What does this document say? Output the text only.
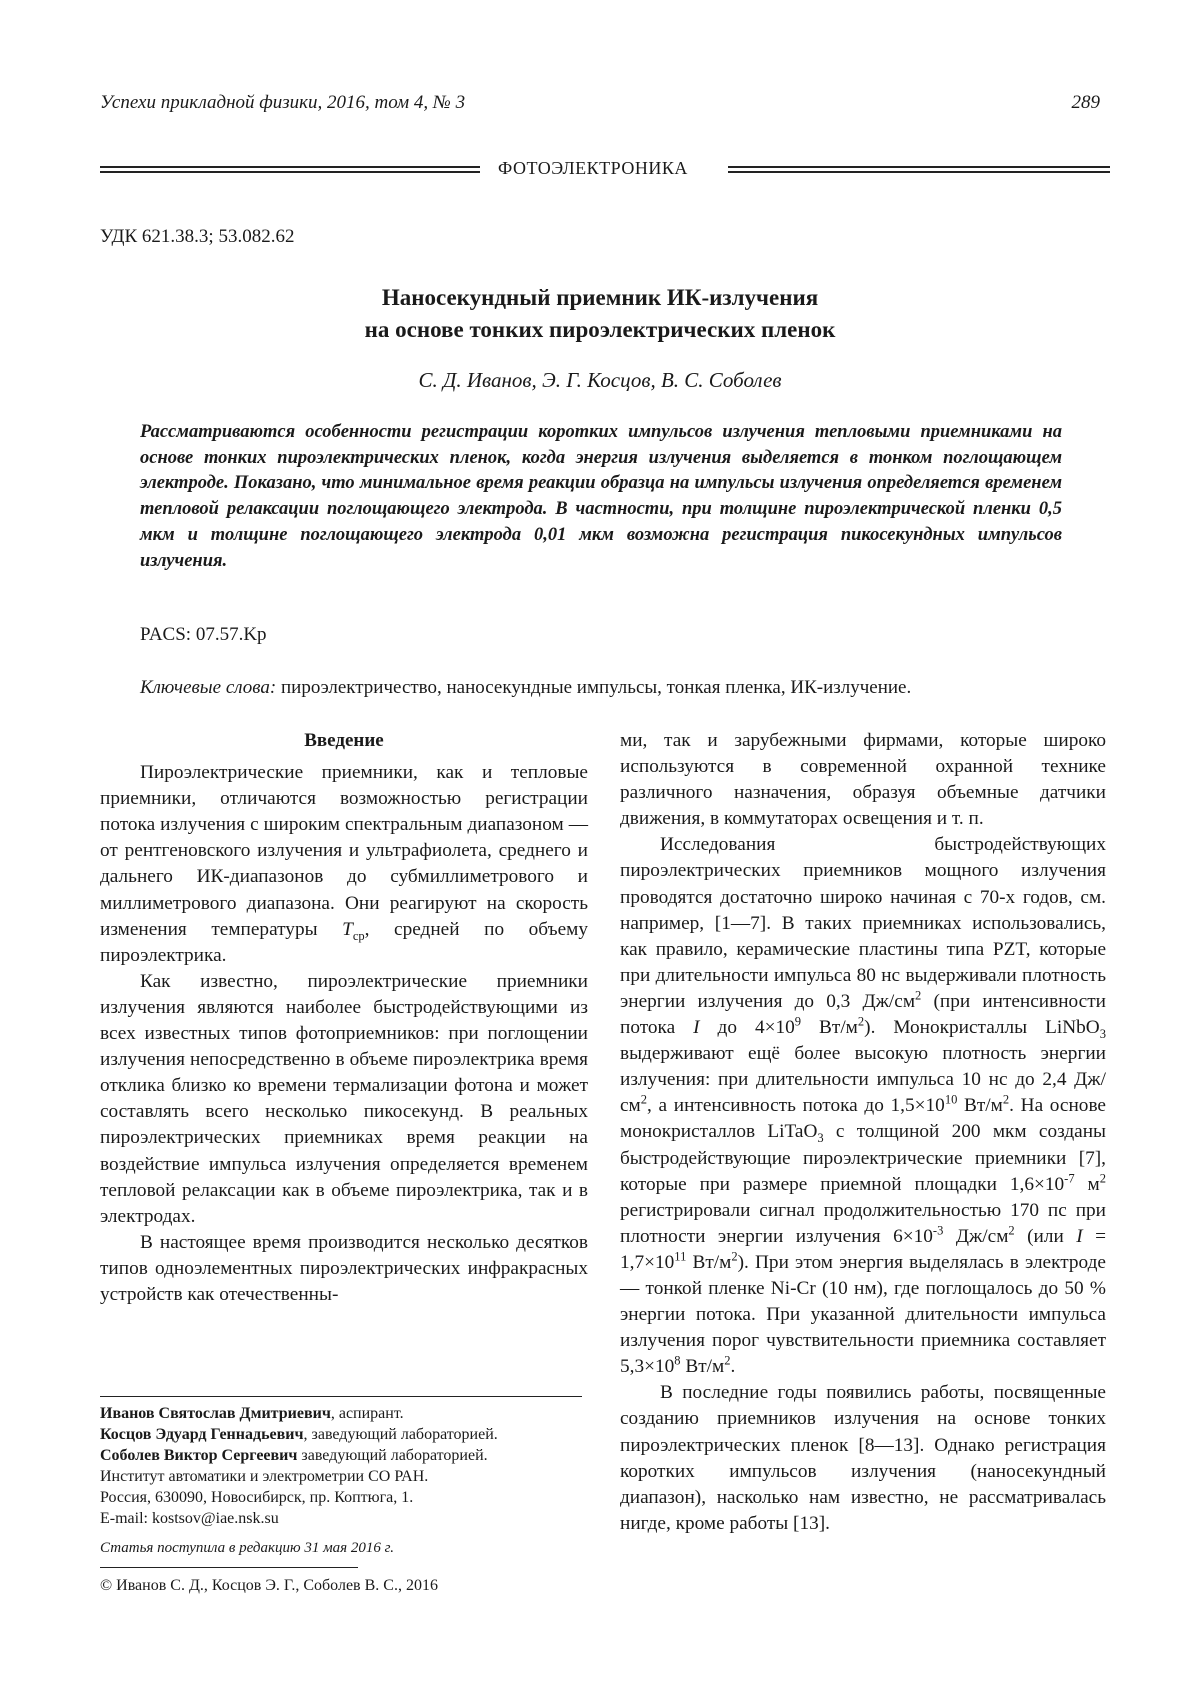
Успехи прикладной физики, 2016, том 4, № 3	289
ФОТОЭЛЕКТРОНИКА
УДК 621.38.3; 53.082.62
Наносекундный приемник ИК-излучения
на основе тонких пироэлектрических пленок
С. Д. Иванов, Э. Г. Косцов, В. С. Соболев
Рассматриваются особенности регистрации коротких импульсов излучения тепловыми приемниками на основе тонких пироэлектрических пленок, когда энергия излучения выделяется в тонком поглощающем электроде. Показано, что минимальное время реакции образца на импульсы излучения определяется временем тепловой релаксации поглощающего электрода. В частности, при толщине пироэлектрической пленки 0,5 мкм и толщине поглощающего электрода 0,01 мкм возможна регистрация пикосекундных импульсов излучения.
PACS: 07.57.Kp
Ключевые слова: пироэлектричество, наносекундные импульсы, тонкая пленка, ИК-излучение.

Введение

Пироэлектрические приемники, как и тепловые приемники, отличаются возможностью регистрации потока излучения с широким спектральным диапазоном — от рентгеновского излучения и ультрафиолета, среднего и дальнего ИК-диапазонов до субмиллиметрового и миллиметрового диапазона. Они реагируют на скорость изменения температуры $T_{ср}$, средней по объему пироэлектрика.

Как известно, пироэлектрические приемники излучения являются наиболее быстродействующими из всех известных типов фотоприемников: при поглощении излучения непосредственно в объеме пироэлектрика время отклика близко ко времени термализации фотона и может составлять всего несколько пикосекунд. В реальных пироэлектрических приемниках время реакции на воздействие импульса излучения определяется временем тепловой релаксации как в объеме пироэлектрика, так и в электродах.

В настоящее время производится несколько десятков типов одноэлементных пироэлектрических инфракрасных устройств как отечественны-

ми, так и зарубежными фирмами, которые широко используются в современной охранной технике различного назначения, образуя объемные датчики движения, в коммутаторах освещения и т. п.

Исследования быстродействующих пироэлектрических приемников мощного излучения проводятся достаточно широко начиная с 70-х годов, см. например, [1—7]. В таких приемниках использовались, как правило, керамические пластины типа PZT, которые при длительности импульса 80 нс выдерживали плотность энергии излучения до 0,3 $Дж/см^2$ (при интенсивности потока I до $4\times 10^9$ $Вт/м^2$). Монокристаллы LiNbO$_3$ выдерживают ещё более высокую плотность энергии излучения: при длительности импульса 10 нс до 2,4 $Дж/см^2$, а интенсивность потока до $1,5\times 10^{10}$ $Вт/м^2$. На основе монокристаллов LiTaO$_3$ с толщиной 200 мкм созданы быстродействующие пироэлектрические приемники [7], которые при размере приемной площадки $1,6\times 10^{-7}$ $м^2$ регистрировали сигнал продолжительностью 170 пс при плотности энергии излучения $6\times 10^{-3}$ $Дж/см^2$ (или $I = 1,7\times 10^{11}$ $Вт/м^2$). При этом энергия выделялась в электроде — тонкой пленке Ni-Cr (10 нм), где поглощалось до 50 % энергии потока. При указанной длительности импульса излучения порог чувствительности приемника составляет $5,3\times 10^8$ $Вт/м^2$.

В последние годы появились работы, посвященные созданию приемников излучения на основе тонких пироэлектрических пленок [8—13]. Однако регистрация коротких импульсов излучения (наносекундный диапазон), насколько нам известно, не рассматривалась нигде, кроме работы [13].

Иванов Святослав Дмитриевич, аспирант.
Косцов Эдуард Геннадьевич, заведующий лабораторией.
Соболев Виктор Сергеевич заведующий лабораторией.
Институт автоматики и электрометрии СО РАН.
Россия, 630090, Новосибирск, пр. Коптюга, 1.
E-mail: kostsov@iae.nsk.su
Статья поступила в редакцию 31 мая 2016 г.
© Иванов С. Д., Косцов Э. Г., Соболев В. С., 2016
